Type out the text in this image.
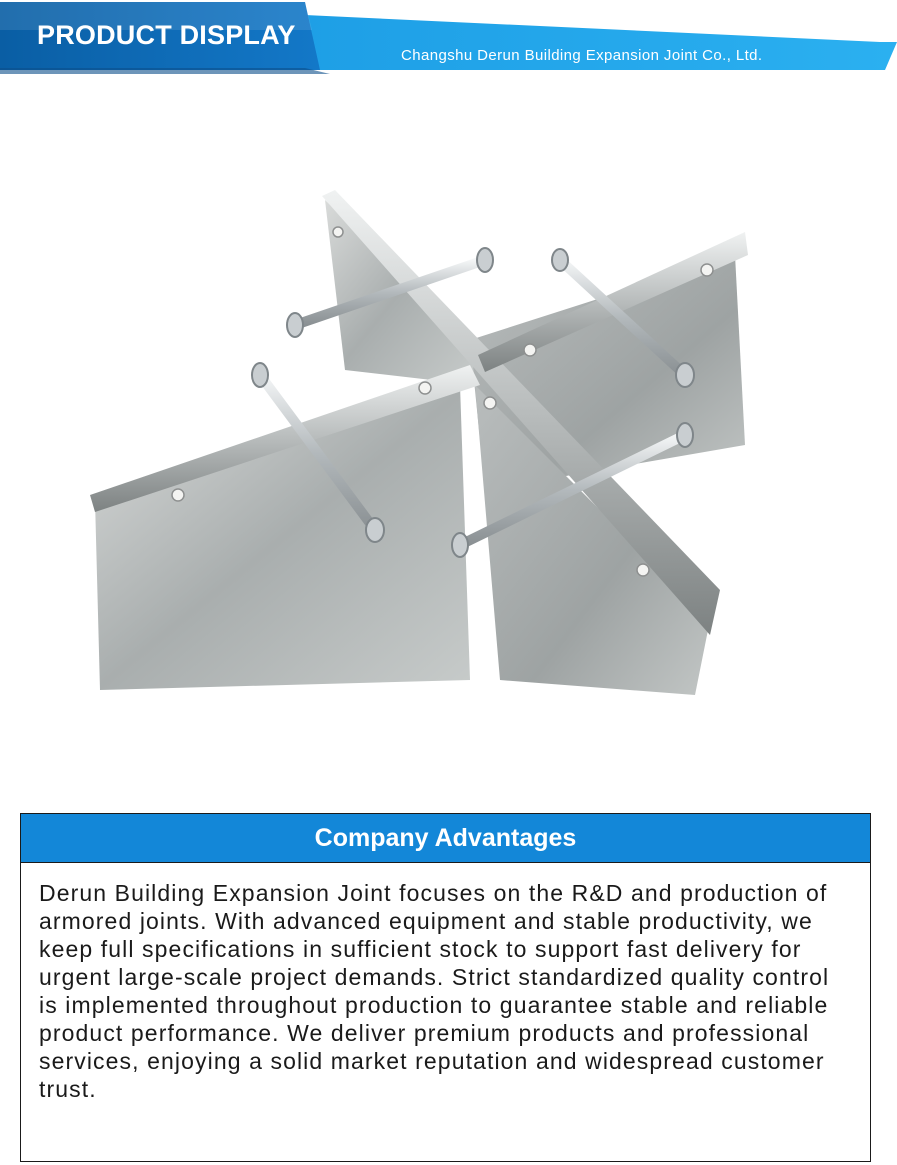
PRODUCT DISPLAY
Changshu Derun Building Expansion Joint Co., Ltd.
Company Advantages
Derun Building Expansion Joint focuses on the R&D and production of armored joints. With advanced equipment and stable productivity, we keep full specifications in sufficient stock to support fast delivery for urgent large-scale project demands. Strict standardized quality control is implemented throughout production to guarantee stable and reliable product performance. We deliver premium products and professional services, enjoying a solid market reputation and widespread customer trust.
